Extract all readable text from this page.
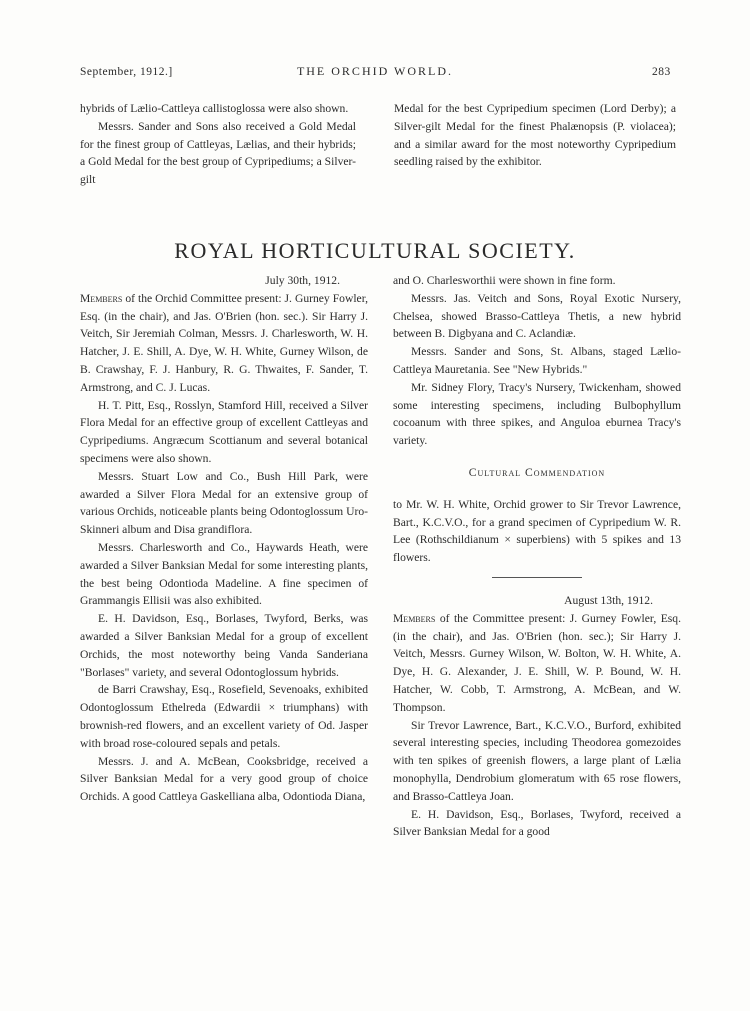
September, 1912.]	THE ORCHID WORLD.	283

hybrids of Lælio-Cattleya callistoglossa were also shown.

Messrs. Sander and Sons also received a Gold Medal for the finest group of Cattleyas, Lælias, and their hybrids; a Gold Medal for the best group of Cypripediums; a Silver-gilt

Medal for the best Cypripedium specimen (Lord Derby); a Silver-gilt Medal for the finest Phalænopsis (P. violacea); and a similar award for the most noteworthy Cypripedium seedling raised by the exhibitor.

ROYAL HORTICULTURAL SOCIETY.

July 30th, 1912.

Members of the Orchid Committee present: J. Gurney Fowler, Esq. (in the chair), and Jas. O'Brien (hon. sec.). Sir Harry J. Veitch, Sir Jeremiah Colman, Messrs. J. Charlesworth, W. H. Hatcher, J. E. Shill, A. Dye, W. H. White, Gurney Wilson, de B. Crawshay, F. J. Hanbury, R. G. Thwaites, F. Sander, T. Armstrong, and C. J. Lucas.

H. T. Pitt, Esq., Rosslyn, Stamford Hill, received a Silver Flora Medal for an effective group of excellent Cattleyas and Cypripediums. Angræcum Scottianum and several botanical specimens were also shown.

Messrs. Stuart Low and Co., Bush Hill Park, were awarded a Silver Flora Medal for an extensive group of various Orchids, noticeable plants being Odontoglossum Uro-Skinneri album and Disa grandiflora.

Messrs. Charlesworth and Co., Haywards Heath, were awarded a Silver Banksian Medal for some interesting plants, the best being Odontioda Madeline. A fine specimen of Grammangis Ellisii was also exhibited.

E. H. Davidson, Esq., Borlases, Twyford, Berks, was awarded a Silver Banksian Medal for a group of excellent Orchids, the most noteworthy being Vanda Sanderiana "Borlases" variety, and several Odontoglossum hybrids.

de Barri Crawshay, Esq., Rosefield, Sevenoaks, exhibited Odontoglossum Ethelreda (Edwardii × triumphans) with brownish-red flowers, and an excellent variety of Od. Jasper with broad rose-coloured sepals and petals.

Messrs. J. and A. McBean, Cooksbridge, received a Silver Banksian Medal for a very good group of choice Orchids. A good Cattleya Gaskelliana alba, Odontioda Diana,

and O. Charlesworthii were shown in fine form.

Messrs. Jas. Veitch and Sons, Royal Exotic Nursery, Chelsea, showed Brasso-Cattleya Thetis, a new hybrid between B. Digbyana and C. Aclandiæ.

Messrs. Sander and Sons, St. Albans, staged Lælio-Cattleya Mauretania. See "New Hybrids."

Mr. Sidney Flory, Tracy's Nursery, Twickenham, showed some interesting specimens, including Bulbophyllum cocoanum with three spikes, and Anguloa eburnea Tracy's variety.

Cultural Commendation

to Mr. W. H. White, Orchid grower to Sir Trevor Lawrence, Bart., K.C.V.O., for a grand specimen of Cypripedium W. R. Lee (Rothschildianum × superbiens) with 5 spikes and 13 flowers.

August 13th, 1912.

Members of the Committee present: J. Gurney Fowler, Esq. (in the chair), and Jas. O'Brien (hon. sec.); Sir Harry J. Veitch, Messrs. Gurney Wilson, W. Bolton, W. H. White, A. Dye, H. G. Alexander, J. E. Shill, W. P. Bound, W. H. Hatcher, W. Cobb, T. Armstrong, A. McBean, and W. Thompson.

Sir Trevor Lawrence, Bart., K.C.V.O., Burford, exhibited several interesting species, including Theodorea gomezoides with ten spikes of greenish flowers, a large plant of Lælia monophylla, Dendrobium glomeratum with 65 rose flowers, and Brasso-Cattleya Joan.

E. H. Davidson, Esq., Borlases, Twyford, received a Silver Banksian Medal for a good
